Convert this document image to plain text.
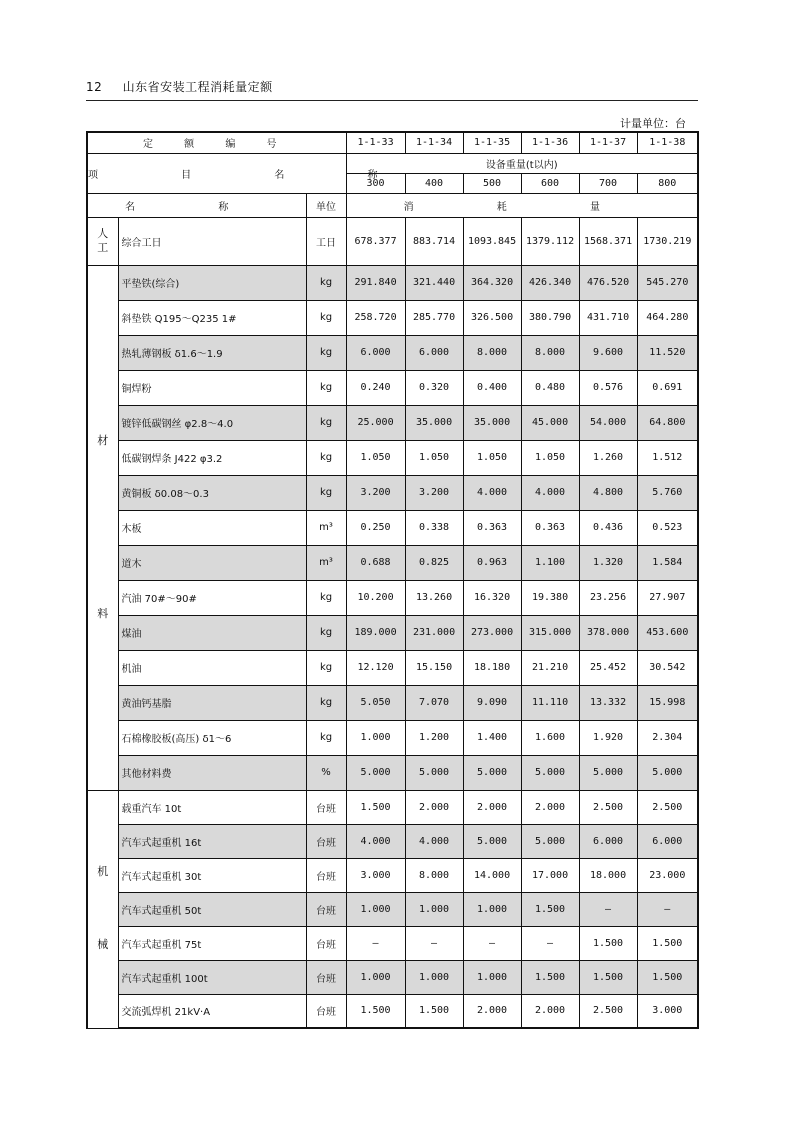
12 山东省安装工程消耗量定额
计量单位：台
定 额 编 号			1-1-33	1-1-34	1-1-35	1-1-36	1-1-37	1-1-38
项 目 名 称			设备重量(t以内)					
			300	400	500	600	700	800
名 称		单位	消 耗 量					
人工	综合工日	工日	678.377	883.714	1093.845	1379.112	1568.371	1730.219

材
料	平垫铁(综合)	kg	291.840	321.440	364.320	426.340	476.520	545.270
	斜垫铁 Q195～Q235 1#	kg	258.720	285.770	326.500	380.790	431.710	464.280
	热轧薄钢板 δ1.6～1.9	kg	6.000	6.000	8.000	8.000	9.600	11.520
	铜焊粉	kg	0.240	0.320	0.400	0.480	0.576	0.691
	镀锌低碳钢丝 φ2.8～4.0	kg	25.000	35.000	35.000	45.000	54.000	64.800
	低碳钢焊条 J422 φ3.2	kg	1.050	1.050	1.050	1.050	1.260	1.512
	黄铜板 δ0.08～0.3	kg	3.200	3.200	4.000	4.000	4.800	5.760
	木板	m³	0.250	0.338	0.363	0.363	0.436	0.523
	道木	m³	0.688	0.825	0.963	1.100	1.320	1.584
	汽油 70#～90#	kg	10.200	13.260	16.320	19.380	23.256	27.907
	煤油	kg	189.000	231.000	273.000	315.000	378.000	453.600
	机油	kg	12.120	15.150	18.180	21.210	25.452	30.542
	黄油钙基脂	kg	5.050	7.070	9.090	11.110	13.332	15.998
	石棉橡胶板(高压) δ1～6	kg	1.000	1.200	1.400	1.600	1.920	2.304
	其他材料费	%	5.000	5.000	5.000	5.000	5.000	5.000

机
械	载重汽车 10t	台班	1.500	2.000	2.000	2.000	2.500	2.500
	汽车式起重机 16t	台班	4.000	4.000	5.000	5.000	6.000	6.000
	汽车式起重机 30t	台班	3.000	8.000	14.000	17.000	18.000	23.000
	汽车式起重机 50t	台班	1.000	1.000	1.000	1.500	—	—
	汽车式起重机 75t	台班	—	—	—	—	1.500	1.500
	汽车式起重机 100t	台班	1.000	1.000	1.000	1.500	1.500	1.500
	交流弧焊机 21kV·A	台班	1.500	1.500	2.000	2.000	2.500	3.000
